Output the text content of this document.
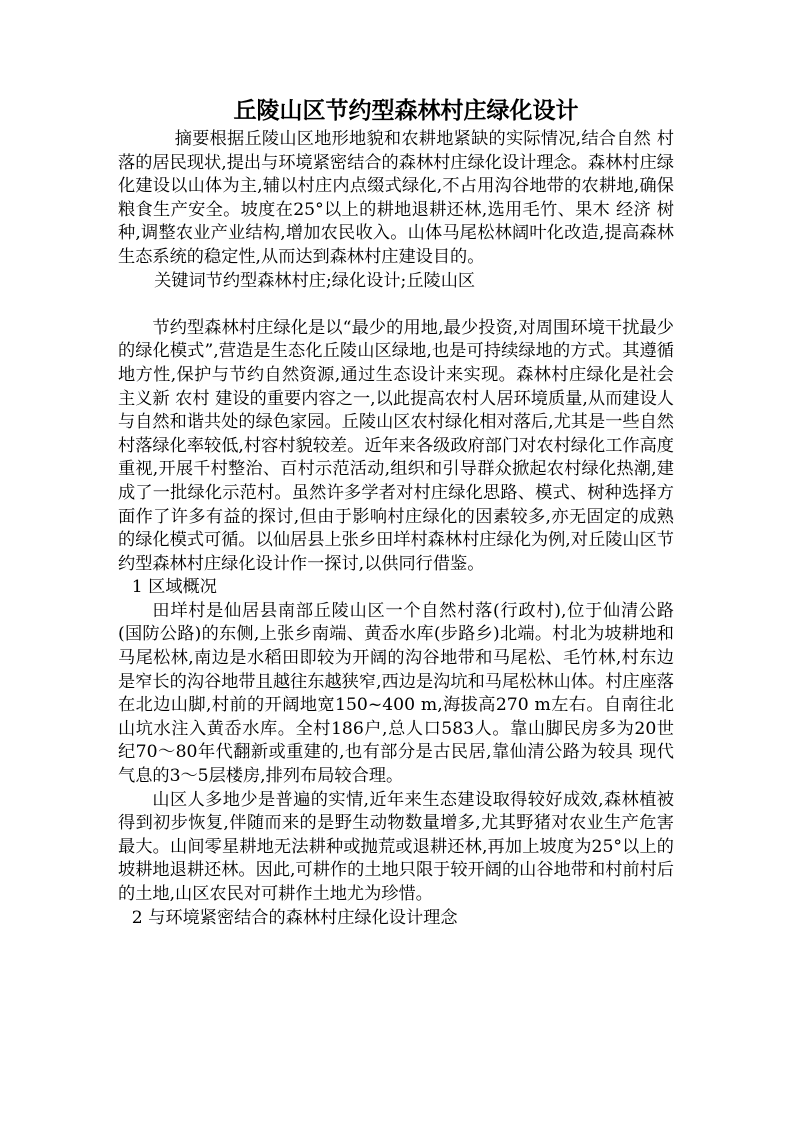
丘陵山区节约型森林村庄绿化设计

摘要根据丘陵山区地形地貌和农耕地紧缺的实际情况,结合自然 村落的居民现状,提出与环境紧密结合的森林村庄绿化设计理念。森林村庄绿化建设以山体为主,辅以村庄内点缀式绿化,不占用沟谷地带的农耕地,确保粮食生产安全。坡度在25°以上的耕地退耕还林,选用毛竹、果木 经济 树种,调整农业产业结构,增加农民收入。山体马尾松林阔叶化改造,提高森林生态系统的稳定性,从而达到森林村庄建设目的。

关键词节约型森林村庄;绿化设计;丘陵山区

节约型森林村庄绿化是以“最少的用地,最少投资,对周围环境干扰最少的绿化模式”,营造是生态化丘陵山区绿地,也是可持续绿地的方式。其遵循地方性,保护与节约自然资源,通过生态设计来实现。森林村庄绿化是社会主义新 农村 建设的重要内容之一,以此提高农村人居环境质量,从而建设人与自然和谐共处的绿色家园。丘陵山区农村绿化相对落后,尤其是一些自然村落绿化率较低,村容村貌较差。近年来各级政府部门对农村绿化工作高度重视,开展千村整治、百村示范活动,组织和引导群众掀起农村绿化热潮,建成了一批绿化示范村。虽然许多学者对村庄绿化思路、模式、树种选择方面作了许多有益的探讨,但由于影响村庄绿化的因素较多,亦无固定的成熟的绿化模式可循。以仙居县上张乡田垟村森林村庄绿化为例,对丘陵山区节约型森林村庄绿化设计作一探讨,以供同行借鉴。

1 区域概况

田垟村是仙居县南部丘陵山区一个自然村落(行政村),位于仙清公路(国防公路)的东侧,上张乡南端、黄岙水库(步路乡)北端。村北为坡耕地和马尾松林,南边是水稻田即较为开阔的沟谷地带和马尾松、毛竹林,村东边是窄长的沟谷地带且越往东越狭窄,西边是沟坑和马尾松林山体。村庄座落在北边山脚,村前的开阔地宽150~400 m,海拔高270 m左右。自南往北山坑水注入黄岙水库。全村186户,总人口583人。靠山脚民房多为20世纪70～80年代翻新或重建的,也有部分是古民居,靠仙清公路为较具 现代 气息的3～5层楼房,排列布局较合理。

山区人多地少是普遍的实情,近年来生态建设取得较好成效,森林植被得到初步恢复,伴随而来的是野生动物数量增多,尤其野猪对农业生产危害最大。山间零星耕地无法耕种或抛荒或退耕还林,再加上坡度为25°以上的坡耕地退耕还林。因此,可耕作的土地只限于较开阔的山谷地带和村前村后的土地,山区农民对可耕作土地尤为珍惜。

2 与环境紧密结合的森林村庄绿化设计理念
